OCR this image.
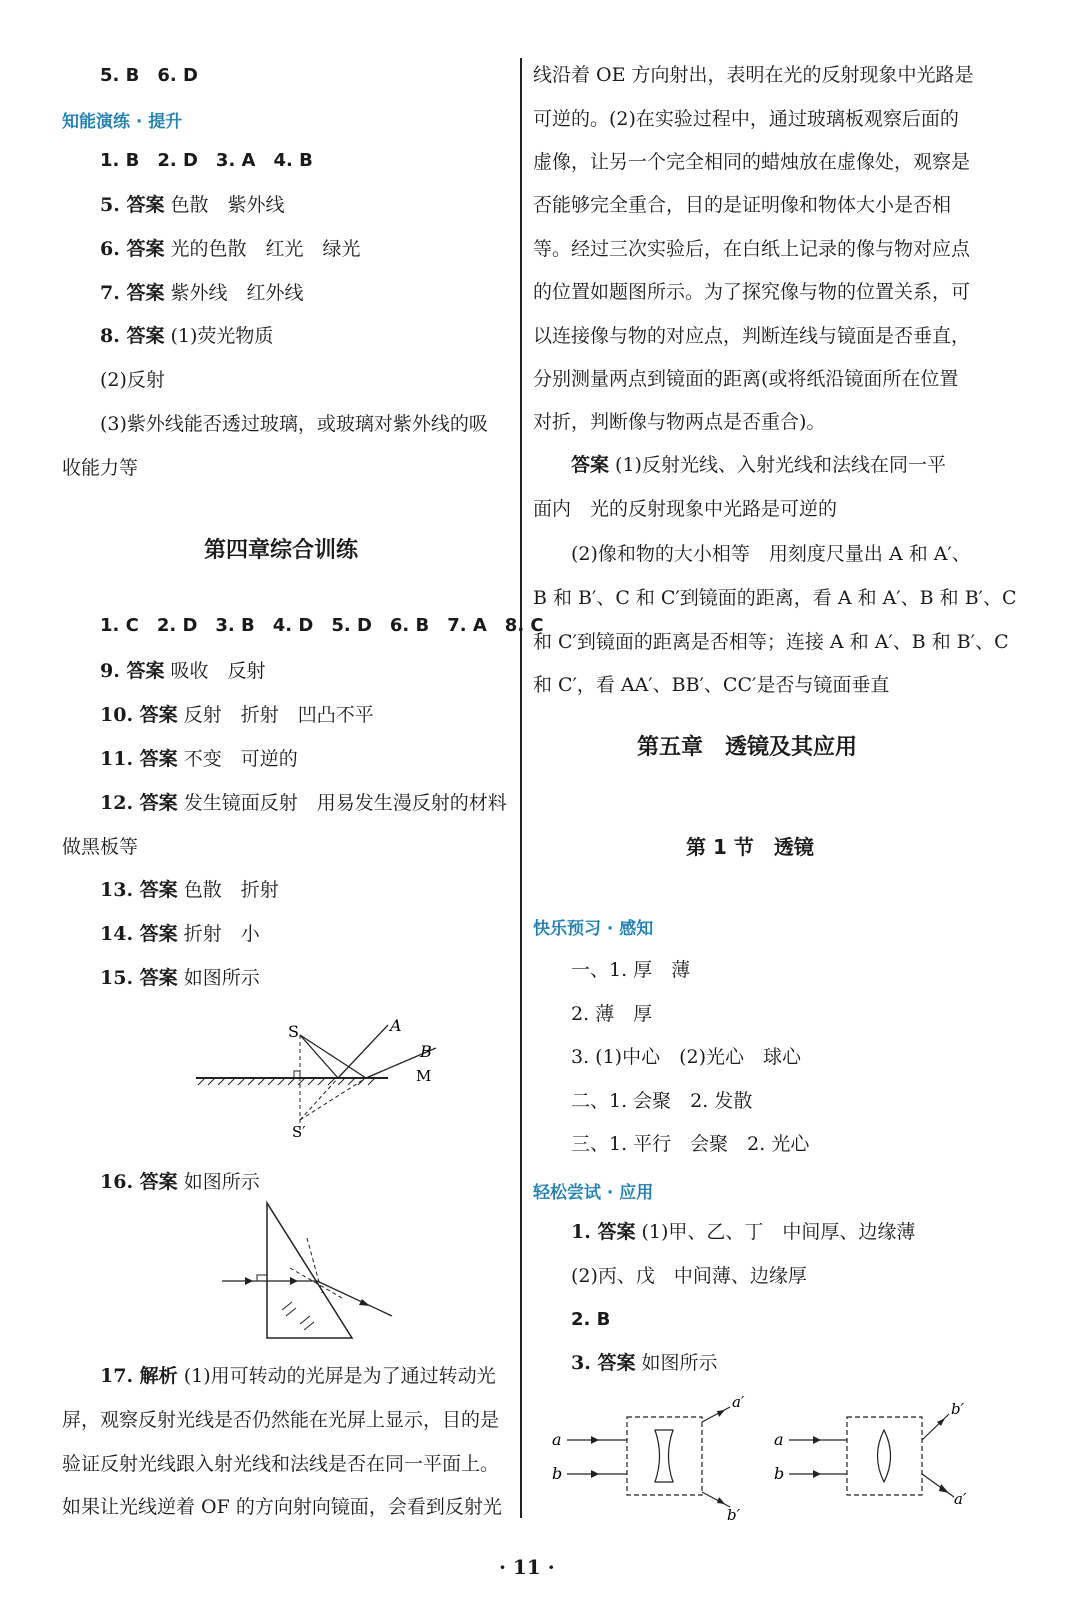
5. B　6. D
知能演练 · 提升
1. B　2. D　3. A　4. B
5. 答案 色散　紫外线
6. 答案 光的色散　红光　绿光
7. 答案 紫外线　红外线
8. 答案 (1)荧光物质
(2)反射
(3)紫外线能否透过玻璃，或玻璃对紫外线的吸
收能力等
第四章综合训练
1. C　2. D　3. B　4. D　5. D　6. B　7. A　8. C
9. 答案 吸收　反射
10. 答案 反射　折射　凹凸不平
11. 答案 不变　可逆的
12. 答案 发生镜面反射　用易发生漫反射的材料
做黑板等
13. 答案 色散　折射
14. 答案 折射　小
15. 答案 如图所示
S	A
B
M
S′
16. 答案 如图所示
17. 解析 (1)用可转动的光屏是为了通过转动光
屏，观察反射光线是否仍然能在光屏上显示，目的是
验证反射光线跟入射光线和法线是否在同一平面上。
如果让光线逆着 OF 的方向射向镜面，会看到反射光
线沿着 OE 方向射出，表明在光的反射现象中光路是
可逆的。(2)在实验过程中，通过玻璃板观察后面的
虚像，让另一个完全相同的蜡烛放在虚像处，观察是
否能够完全重合，目的是证明像和物体大小是否相
等。经过三次实验后，在白纸上记录的像与物对应点
的位置如题图所示。为了探究像与物的位置关系，可
以连接像与物的对应点，判断连线与镜面是否垂直，
分别测量两点到镜面的距离(或将纸沿镜面所在位置
对折，判断像与物两点是否重合)。
答案 (1)反射光线、入射光线和法线在同一平
面内　光的反射现象中光路是可逆的
(2)像和物的大小相等　用刻度尺量出 A 和 A′、
B 和 B′、C 和 C′到镜面的距离，看 A 和 A′、B 和 B′、C
和 C′到镜面的距离是否相等；连接 A 和 A′、B 和 B′、C
和 C′，看 AA′、BB′、CC′是否与镜面垂直
第五章　透镜及其应用
第 1 节　透镜
快乐预习 · 感知
一、1. 厚　薄
2. 薄　厚
3. (1)中心　(2)光心　球心
二、1. 会聚　2. 发散
三、1. 平行　会聚　2. 光心
轻松尝试 · 应用
1. 答案 (1)甲、乙、丁　中间厚、边缘薄
(2)丙、戊　中间薄、边缘厚
2. B
3. 答案 如图所示
a
b
a′
b′
a
b
b′
a′
· 11 ·
